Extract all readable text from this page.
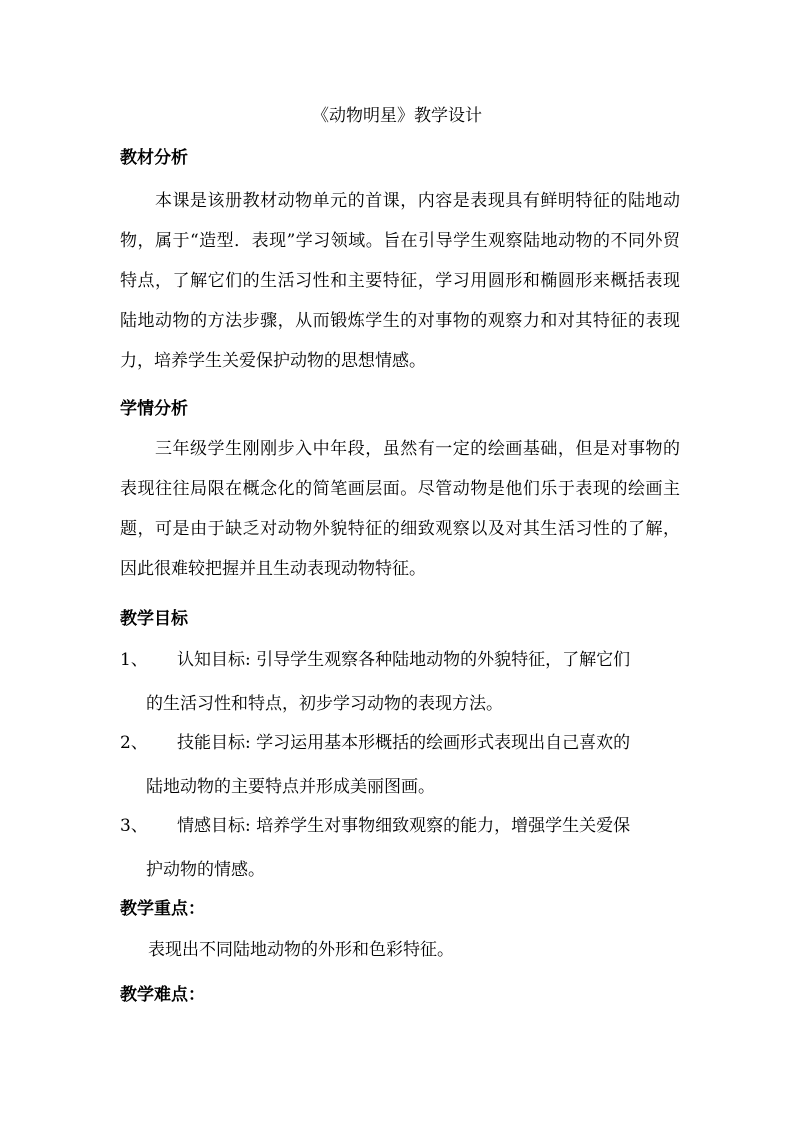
《动物明星》教学设计
教材分析

本课是该册教材动物单元的首课，内容是表现具有鲜明特征的陆地动物，属于“造型．表现”学习领域。旨在引导学生观察陆地动物的不同外贸特点，了解它们的生活习性和主要特征，学习用圆形和椭圆形来概括表现陆地动物的方法步骤，从而锻炼学生的对事物的观察力和对其特征的表现力，培养学生关爱保护动物的思想情感。

学情分析

三年级学生刚刚步入中年段，虽然有一定的绘画基础，但是对事物的表现往往局限在概念化的简笔画层面。尽管动物是他们乐于表现的绘画主题，可是由于缺乏对动物外貌特征的细致观察以及对其生活习性的了解，因此很难较把握并且生动表现动物特征。

教学目标
1、 认知目标: 引导学生观察各种陆地动物的外貌特征，了解它们
的生活习性和特点，初步学习动物的表现方法。
2、 技能目标: 学习运用基本形概括的绘画形式表现出自己喜欢的
陆地动物的主要特点并形成美丽图画。
3、 情感目标: 培养学生对事物细致观察的能力，增强学生关爱保
护动物的情感。
教学重点：
表现出不同陆地动物的外形和色彩特征。
教学难点：
